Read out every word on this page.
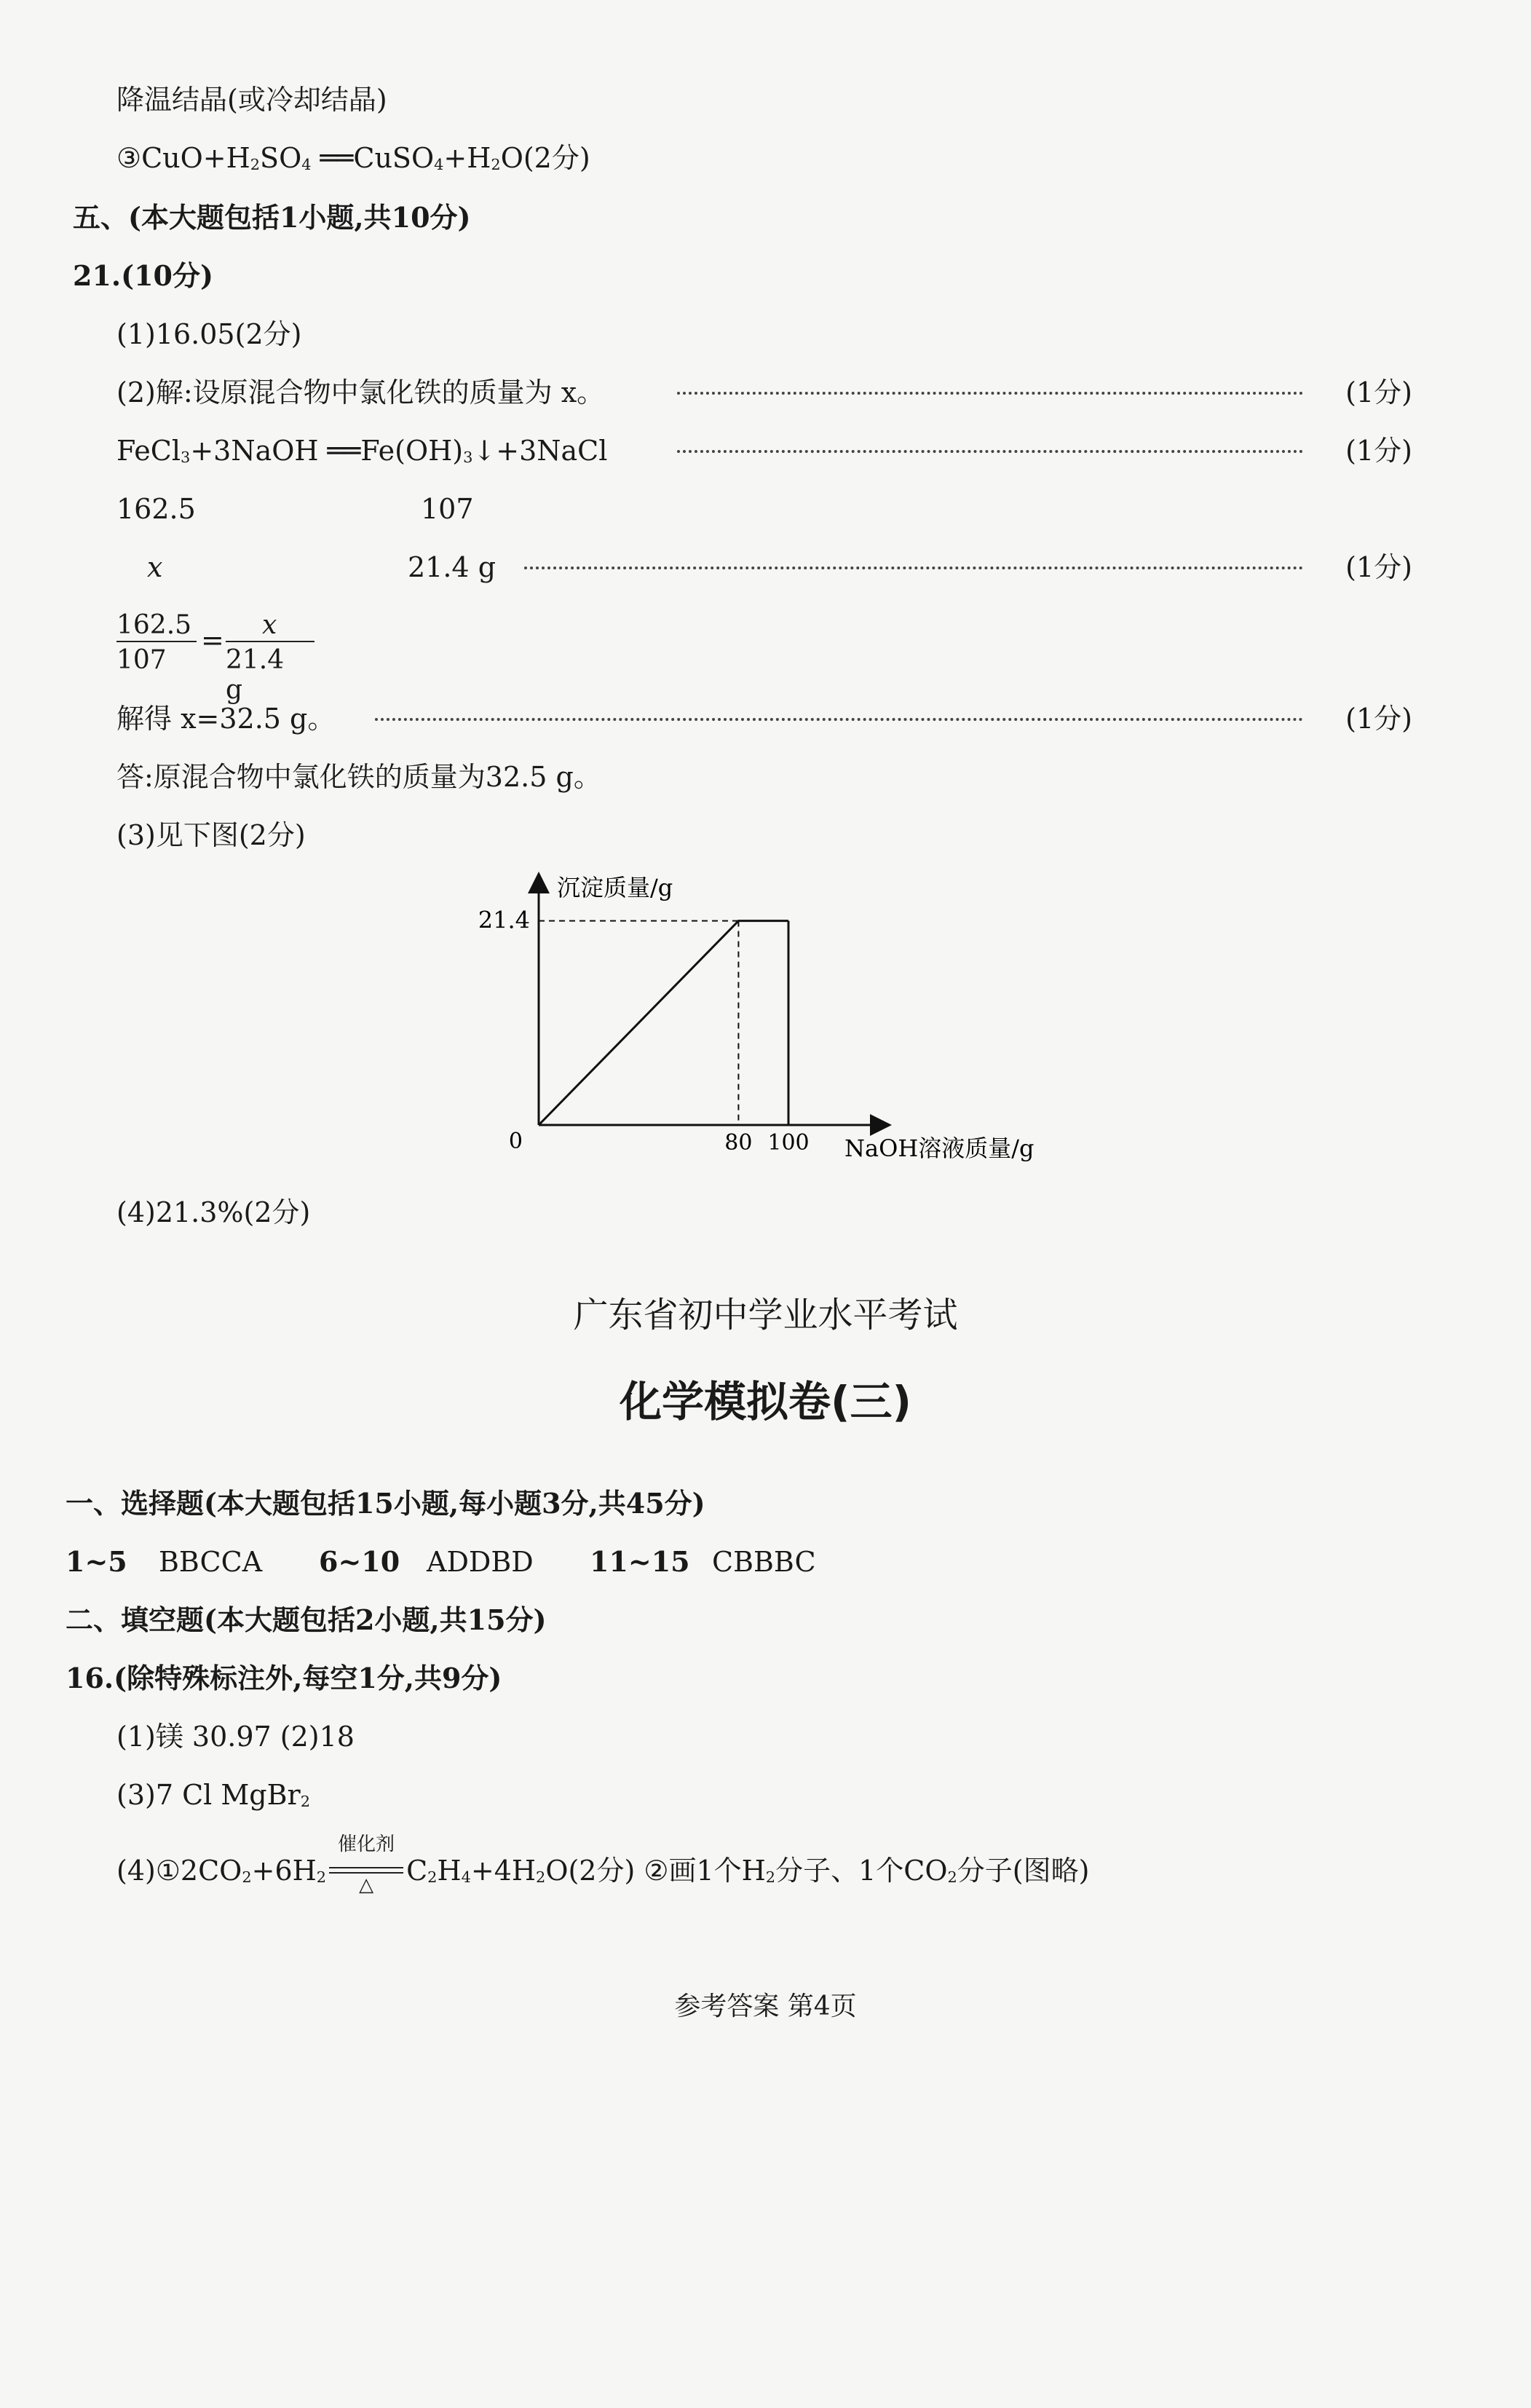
降温结晶(或冷却结晶)
$③CuO+H_2SO_4$ $══CuSO_4+H_2O(2$分)
五、(本大题包括1小题,共10分)
21.(10分)
(1)16.05(2分)
(2)解:设原混合物中氯化铁的质量为 x。	(1分)
FeCl$_3$+3NaOH $══Fe(OH)_3↓+3NaCl$	(1分)
162.5	107
x	21.4 g	(1分)
162.5
107
= x
21.4 g
解得 x=32.5 g。	(1分)
答:原混合物中氯化铁的质量为32.5 g。
(3)见下图(2分)
沉淀质量/g
NaOH溶液质量/g
21.4
0	80 100
(4)21.3%(2分)
广东省初中学业水平考试
化学模拟卷(三)
一、选择题(本大题包括15小题,每小题3分,共45分)
1~5 BBCCA 6~10 ADDBD 11~15 CBBBC
二、填空题(本大题包括2小题,共15分)
16.(除特殊标注外,每空1分,共9分)
(1)镁 30.97 (2)18
(3)7 Cl MgBr$_2$
$(4)①2CO_2+6H_2$
催化剂
△	$C_2H_4+4H_2O(2$分) ②画1个$H_2$分子、1个$CO_2$分子(图略)
参考答案 第4页
